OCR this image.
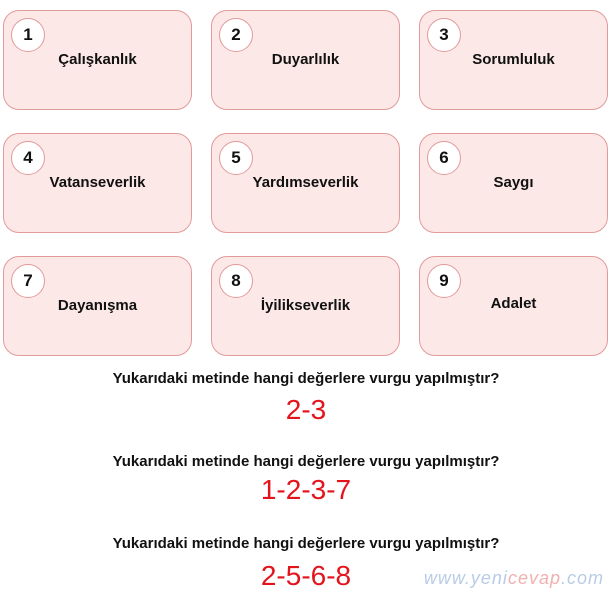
1
Çalışkanlık
2
Duyarlılık
3
Sorumluluk
4
Vatanseverlik
5
Yardımseverlik
6
Saygı
7
Dayanışma
8
İyilikseverlik
9
Adalet
Yukarıdaki metinde hangi değerlere vurgu yapılmıştır?
2-3
Yukarıdaki metinde hangi değerlere vurgu yapılmıştır?
1-2-3-7
Yukarıdaki metinde hangi değerlere vurgu yapılmıştır?
2-5-6-8	www.yenicevap.com
